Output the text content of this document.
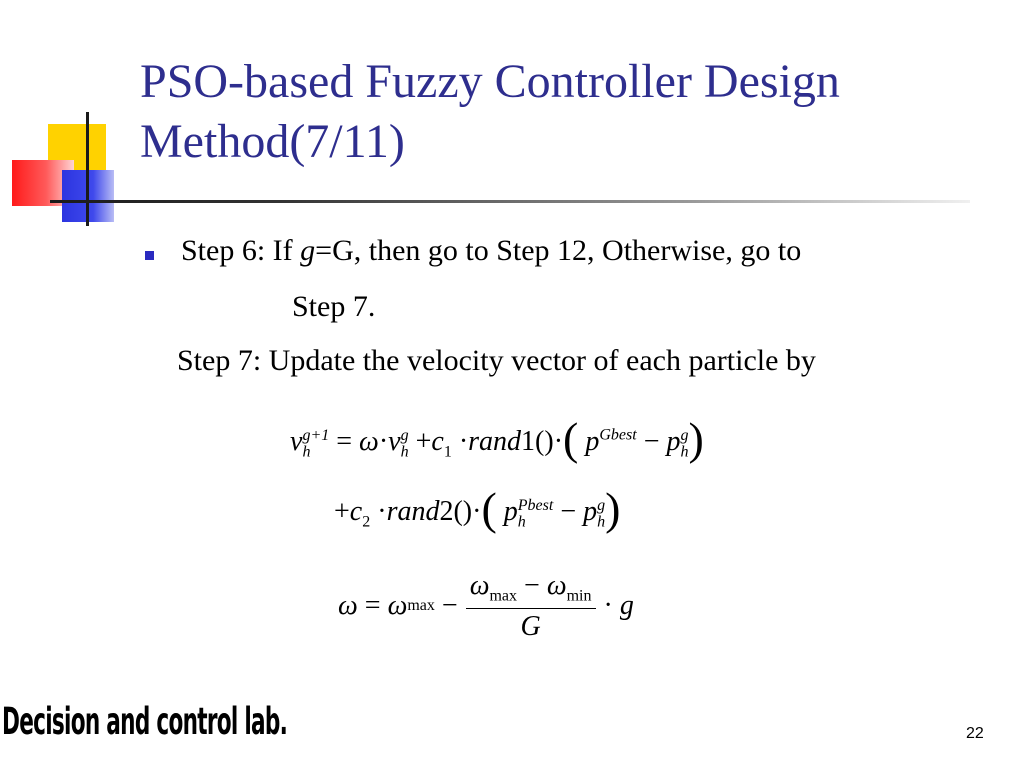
PSO-based Fuzzy Controller Design
Method(7/11)
Step 6: If g=G, then go to Step 12, Otherwise, go to
Step 7.
Step 7: Update the velocity vector of each particle by
$v_h^{g+1} = \omega\cdot v_h^g +c_1$ ·rand1()·( $p^{Gbest} - p_h^g$)
$+c_2$ ·rand2()·( $p_h^{Pbest} - p_h^g$)
ω
=
ω max
− $\frac{\omega_{max} - \omega_{min}}{G}$ ·
g
Decision and control lab.	22
